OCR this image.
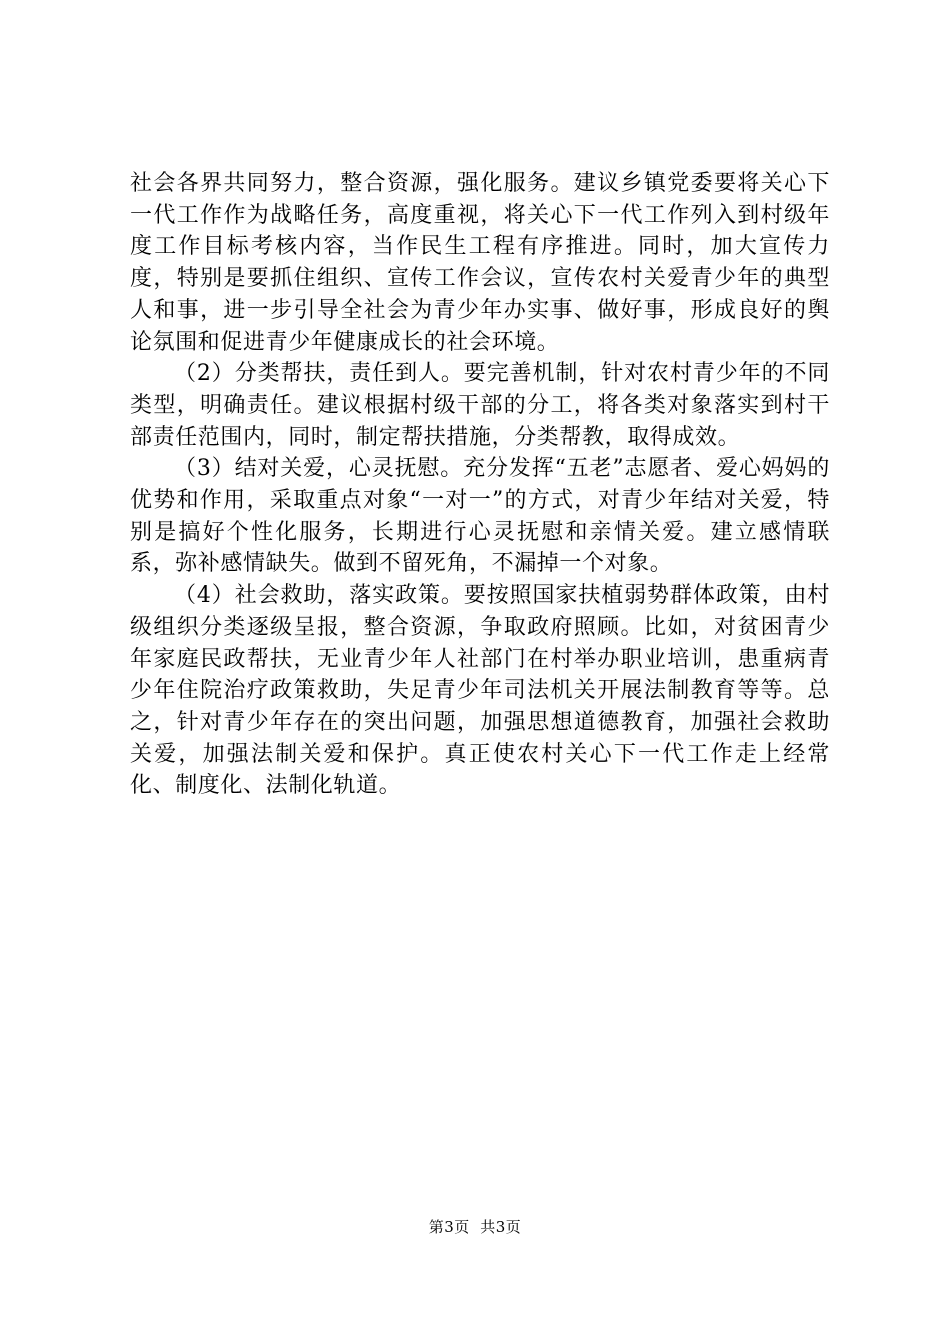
社会各界共同努力，整合资源，强化服务。建议乡镇党委要将关心下一代工作作为战略任务，高度重视，将关心下一代工作列入到村级年度工作目标考核内容，当作民生工程有序推进。同时，加大宣传力度，特别是要抓住组织、宣传工作会议，宣传农村关爱青少年的典型人和事，进一步引导全社会为青少年办实事、做好事，形成良好的舆论氛围和促进青少年健康成长的社会环境。

（2）分类帮扶，责任到人。要完善机制，针对农村青少年的不同类型，明确责任。建议根据村级干部的分工，将各类对象落实到村干部责任范围内，同时，制定帮扶措施，分类帮教，取得成效。

（3）结对关爱，心灵抚慰。充分发挥“五老”志愿者、爱心妈妈的优势和作用，采取重点对象“一对一”的方式，对青少年结对关爱，特别是搞好个性化服务，长期进行心灵抚慰和亲情关爱。建立感情联系，弥补感情缺失。做到不留死角，不漏掉一个对象。

（4）社会救助，落实政策。要按照国家扶植弱势群体政策，由村级组织分类逐级呈报，整合资源，争取政府照顾。比如，对贫困青少年家庭民政帮扶，无业青少年人社部门在村举办职业培训，患重病青少年住院治疗政策救助，失足青少年司法机关开展法制教育等等。总之，针对青少年存在的突出问题，加强思想道德教育，加强社会救助关爱，加强法制关爱和保护。真正使农村关心下一代工作走上经常化、制度化、法制化轨道。

第3页  共3页
